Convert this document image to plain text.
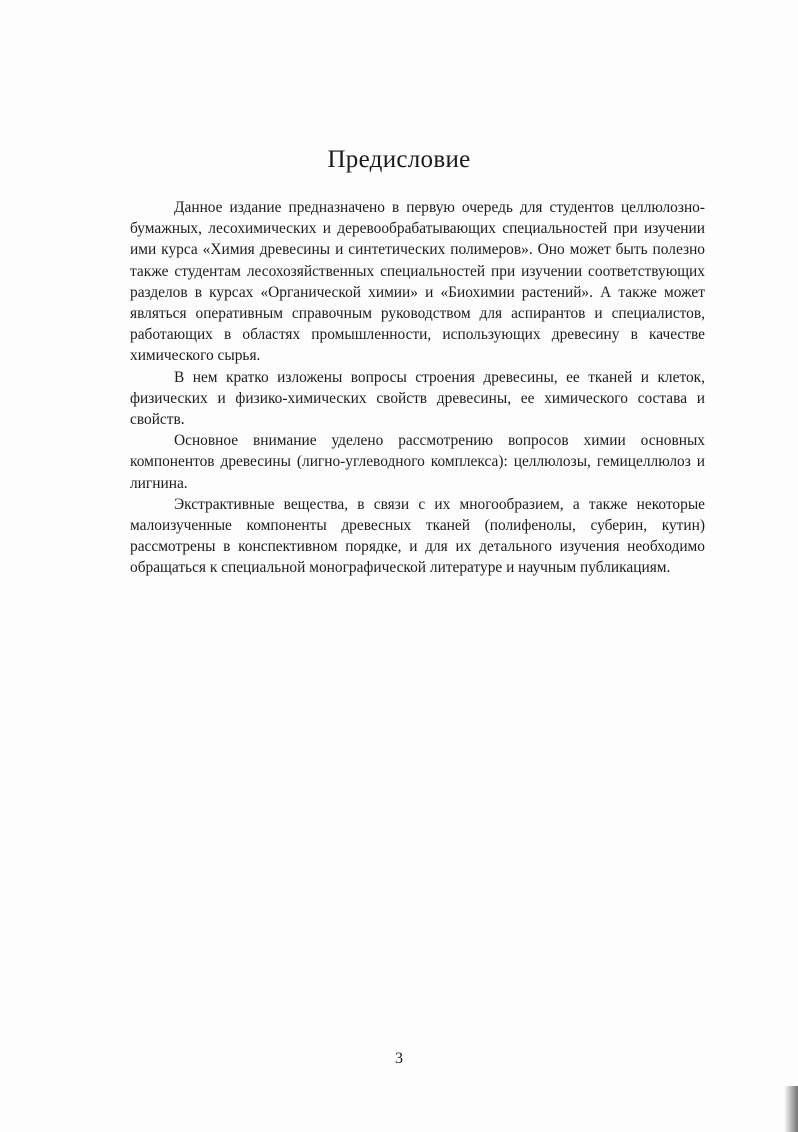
Предисловие

Данное издание предназначено в первую очередь для студентов целлюлозно-бумажных, лесохимических и деревообрабатывающих специальностей при изучении ими курса «Химия древесины и синтетических полимеров». Оно может быть полезно также студентам лесохозяйственных специальностей при изучении соответствующих разделов в курсах «Органической химии» и «Биохимии растений». А также может являться оперативным справочным руководством для аспирантов и специалистов, работающих в областях промышленности, использующих древесину в качестве химического сырья.

В нем кратко изложены вопросы строения древесины, ее тканей и клеток, физических и физико-химических свойств древесины, ее химического состава и свойств.

Основное внимание уделено рассмотрению вопросов химии основных компонентов древесины (лигно-углеводного комплекса): целлюлозы, гемицеллюлоз и лигнина.

Экстрактивные вещества, в связи с их многообразием, а также некоторые малоизученные компоненты древесных тканей (полифенолы, суберин, кутин) рассмотрены в конспективном порядке, и для их детального изучения необходимо обращаться к специальной монографической литературе и научным публикациям.

3
